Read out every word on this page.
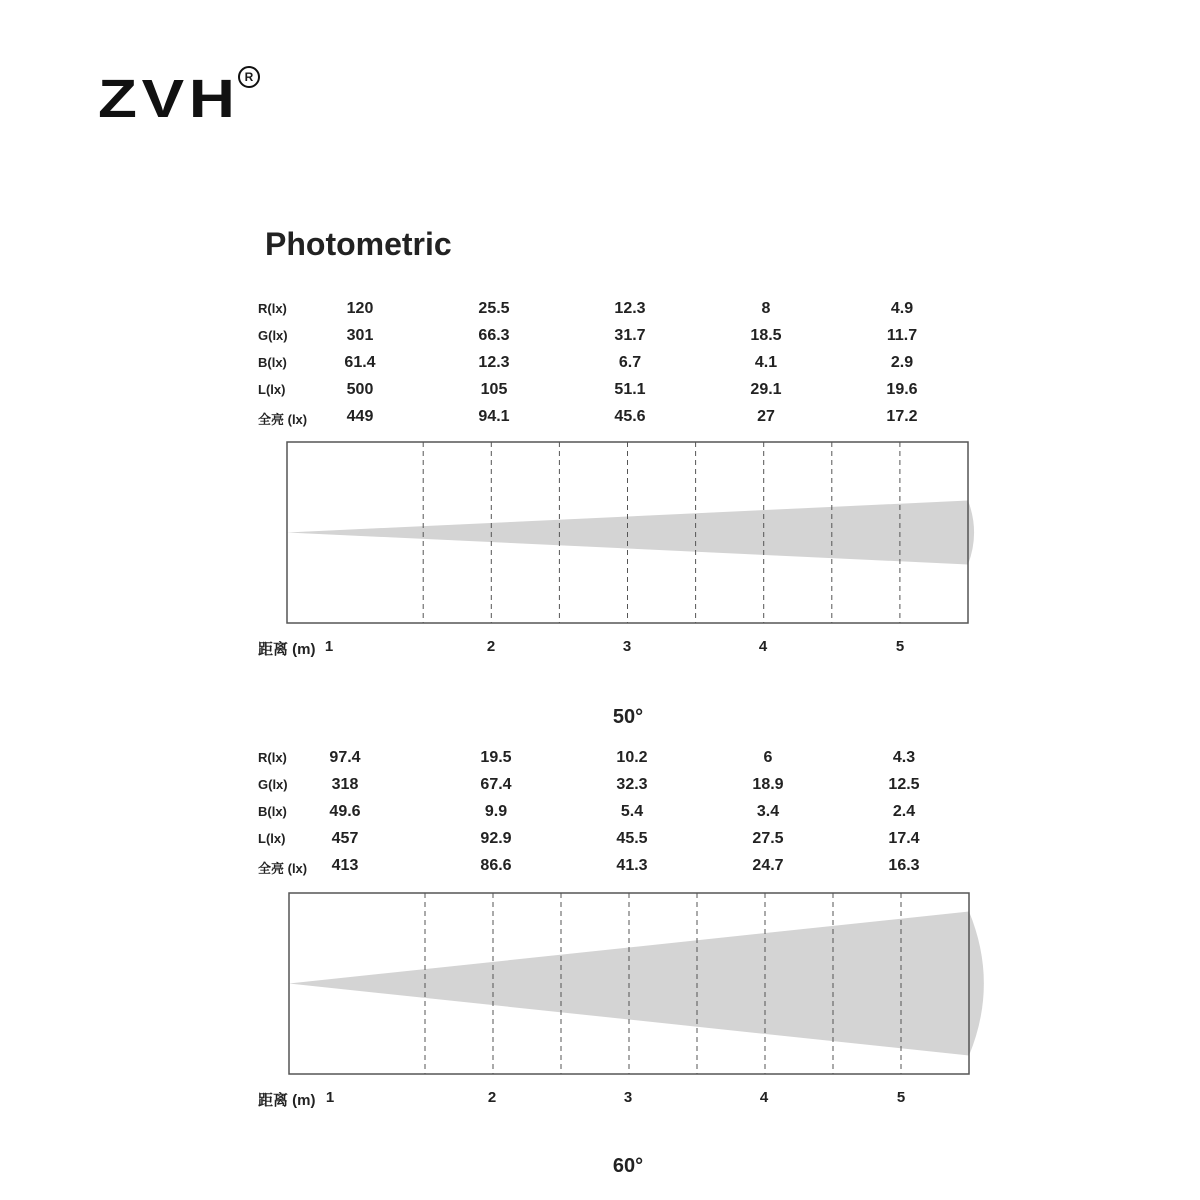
ZVH R
Photometric
R(lx)	120	25.5	12.3	8	4.9
G(lx)	301	66.3	31.7	18.5	11.7
B(lx)	61.4	12.3	6.7	4.1	2.9
L(lx)	500	105	51.1	29.1	19.6
全亮 (lx) 449	94.1	45.6	27	17.2
距离 (m) 1	2	3	4	5
50°
R(lx)	97.4	19.5	10.2	6	4.3
G(lx)	318	67.4	32.3	18.9	12.5
B(lx)	49.6	9.9	5.4	3.4	2.4
L(lx)	457	92.9	45.5	27.5	17.4
全亮 (lx) 413	86.6	41.3	24.7	16.3
距离 (m) 1	2	3	4	5
60°
